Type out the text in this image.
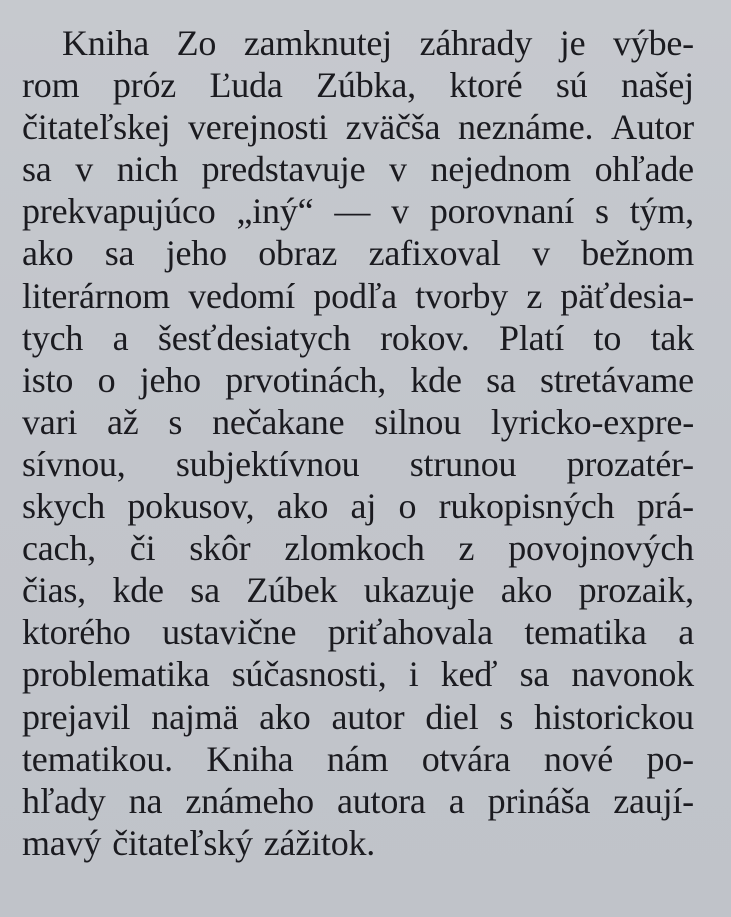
Kniha Zo zamknutej záhrady je výbe-
rom próz Ľuda Zúbka, ktoré sú našej
čitateľskej verejnosti zväčša neznáme. Autor
sa v nich predstavuje v nejednom ohľade
prekvapujúco „iný“ — v porovnaní s tým,
ako sa jeho obraz zafixoval v bežnom
literárnom vedomí podľa tvorby z päťdesia-
tych a šesťdesiatych rokov. Platí to tak
isto o jeho prvotinách, kde sa stretávame
vari až s nečakane silnou lyricko-expre-
sívnou, subjektívnou strunou prozatér-
skych pokusov, ako aj o rukopisných prá-
cach, či skôr zlomkoch z povojnových
čias, kde sa Zúbek ukazuje ako prozaik,
ktorého ustavične priťahovala tematika a
problematika súčasnosti, i keď sa navonok
prejavil najmä ako autor diel s historickou
tematikou. Kniha nám otvára nové po-
hľady na známeho autora a prináša zaují-
mavý čitateľský zážitok.
